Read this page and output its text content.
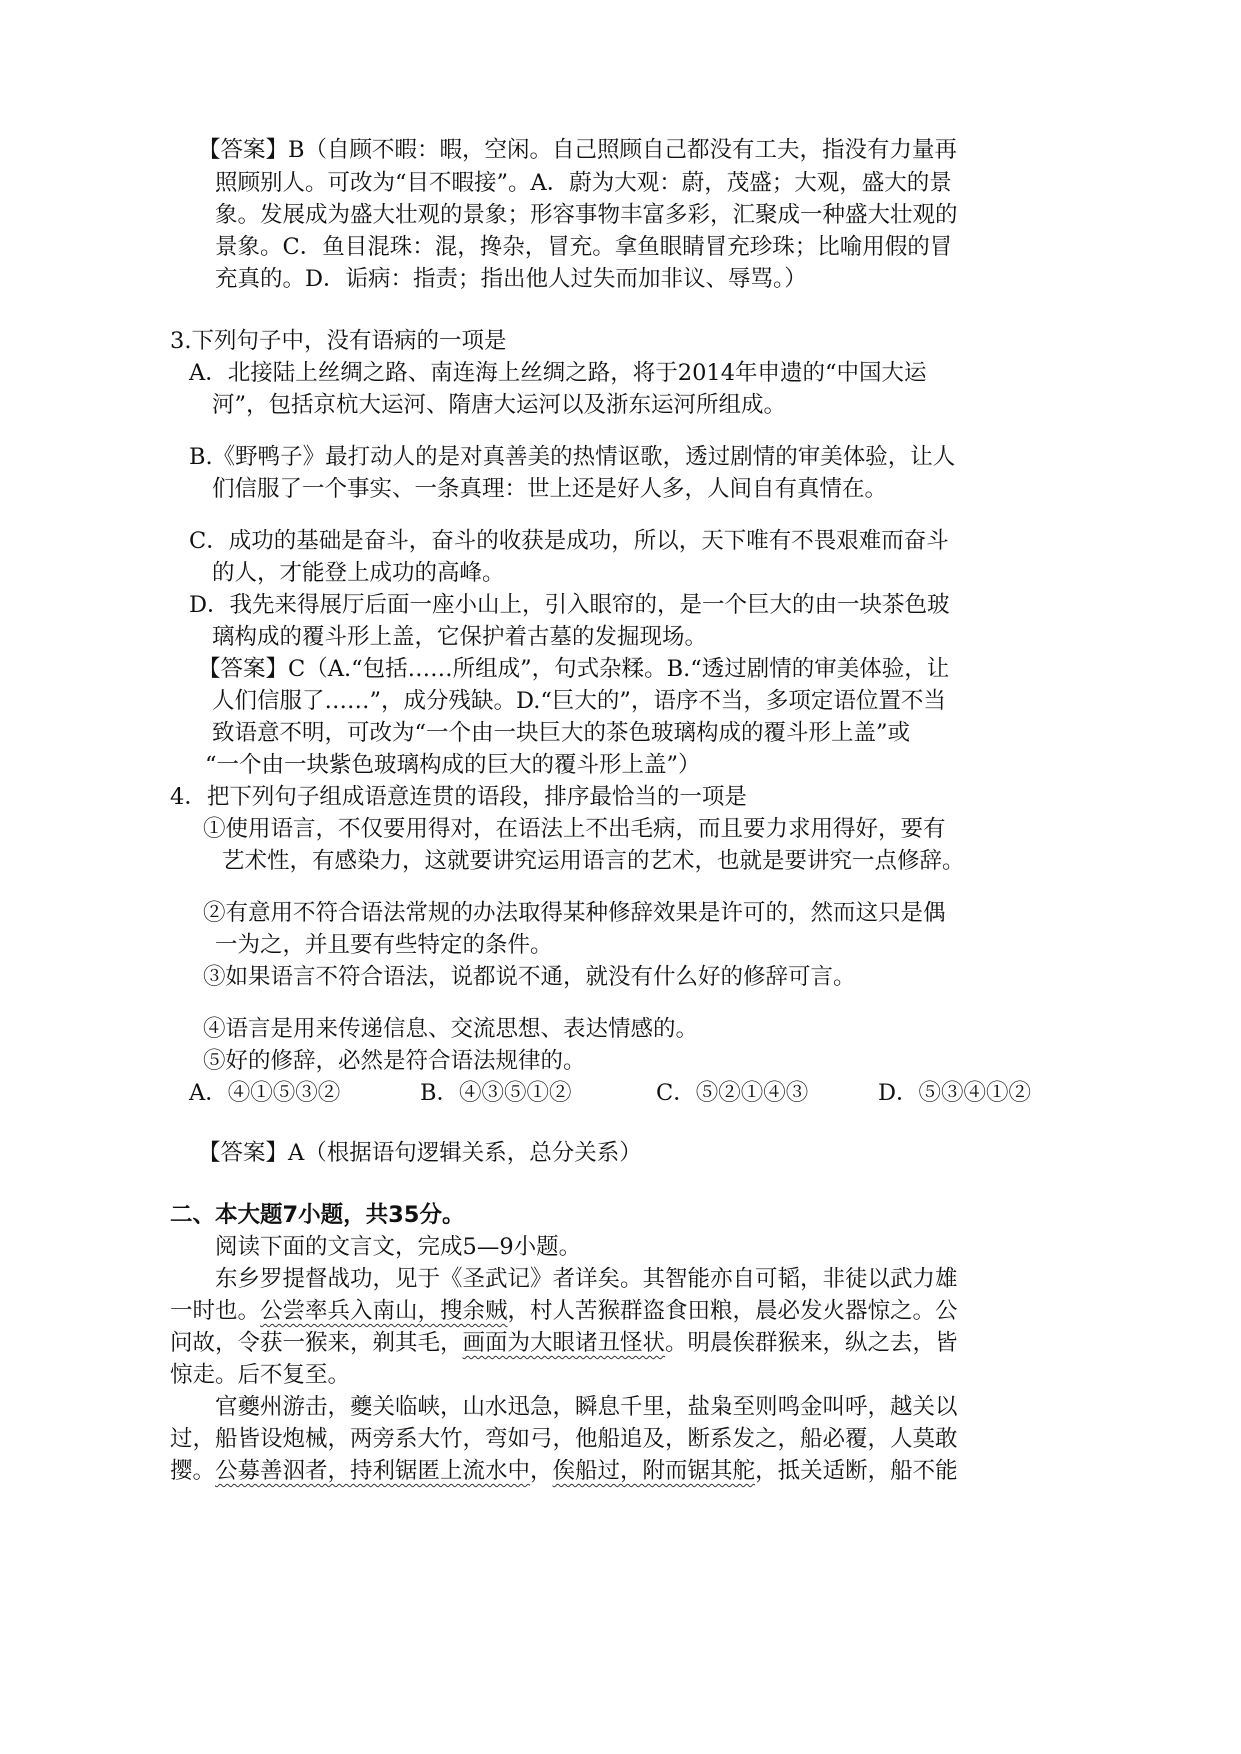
【答案】B（自顾不暇：暇，空闲。自己照顾自己都没有工夫，指没有力量再
照顾别人。可改为“目不暇接”。A．蔚为大观：蔚，茂盛；大观，盛大的景
象。发展成为盛大壮观的景象；形容事物丰富多彩，汇聚成一种盛大壮观的
景象。C．鱼目混珠：混，搀杂，冒充。拿鱼眼睛冒充珍珠；比喻用假的冒
充真的。D．诟病：指责；指出他人过失而加非议、辱骂。）
3.下列句子中，没有语病的一项是
A．北接陆上丝绸之路、南连海上丝绸之路，将于2014年申遗的“中国大运
河”，包括京杭大运河、隋唐大运河以及浙东运河所组成。
B.《野鸭子》最打动人的是对真善美的热情讴歌，透过剧情的审美体验，让人
们信服了一个事实、一条真理：世上还是好人多，人间自有真情在。
C．成功的基础是奋斗，奋斗的收获是成功，所以，天下唯有不畏艰难而奋斗
的人，才能登上成功的高峰。
D．我先来得展厅后面一座小山上，引入眼帘的，是一个巨大的由一块茶色玻
璃构成的覆斗形上盖，它保护着古墓的发掘现场。
【答案】C（A.“包括……所组成”，句式杂糅。B.“透过剧情的审美体验，让
人们信服了……”，成分残缺。D.“巨大的”，语序不当，多项定语位置不当
致语意不明，可改为“一个由一块巨大的茶色玻璃构成的覆斗形上盖”或
“一个由一块紫色玻璃构成的巨大的覆斗形上盖”）
4．把下列句子组成语意连贯的语段，排序最恰当的一项是
①使用语言，不仅要用得对，在语法上不出毛病，而且要力求用得好，要有
艺术性，有感染力，这就要讲究运用语言的艺术，也就是要讲究一点修辞。
②有意用不符合语法常规的办法取得某种修辞效果是许可的，然而这只是偶
一为之，并且要有些特定的条件。
③如果语言不符合语法，说都说不通，就没有什么好的修辞可言。
④语言是用来传递信息、交流思想、表达情感的。
⑤好的修辞，必然是符合语法规律的。
A．④①⑤③②	B．④③⑤①②	C．⑤②①④③	D．⑤③④①②
【答案】A（根据语句逻辑关系，总分关系）
二、本大题7小题，共35分。
阅读下面的文言文，完成5—9小题。
东乡罗提督战功，见于《圣武记》者详矣。其智能亦自可韬，非徒以武力雄
一时也。公尝率兵入南山，搜余贼，村人苦猴群盗食田粮，晨必发火器惊之。公
问故，令获一猴来，剃其毛，画面为大眼诸丑怪状。明晨俟群猴来，纵之去，皆
惊走。后不复至。
官夔州游击，夔关临峡，山水迅急，瞬息千里，盐枭至则鸣金叫呼，越关以
过，船皆设炮械，两旁系大竹，弯如弓，他船追及，断系发之，船必覆，人莫敢
撄。公募善泅者，持利锯匿上流水中，俟船过，附而锯其舵，抵关适断，船不能
